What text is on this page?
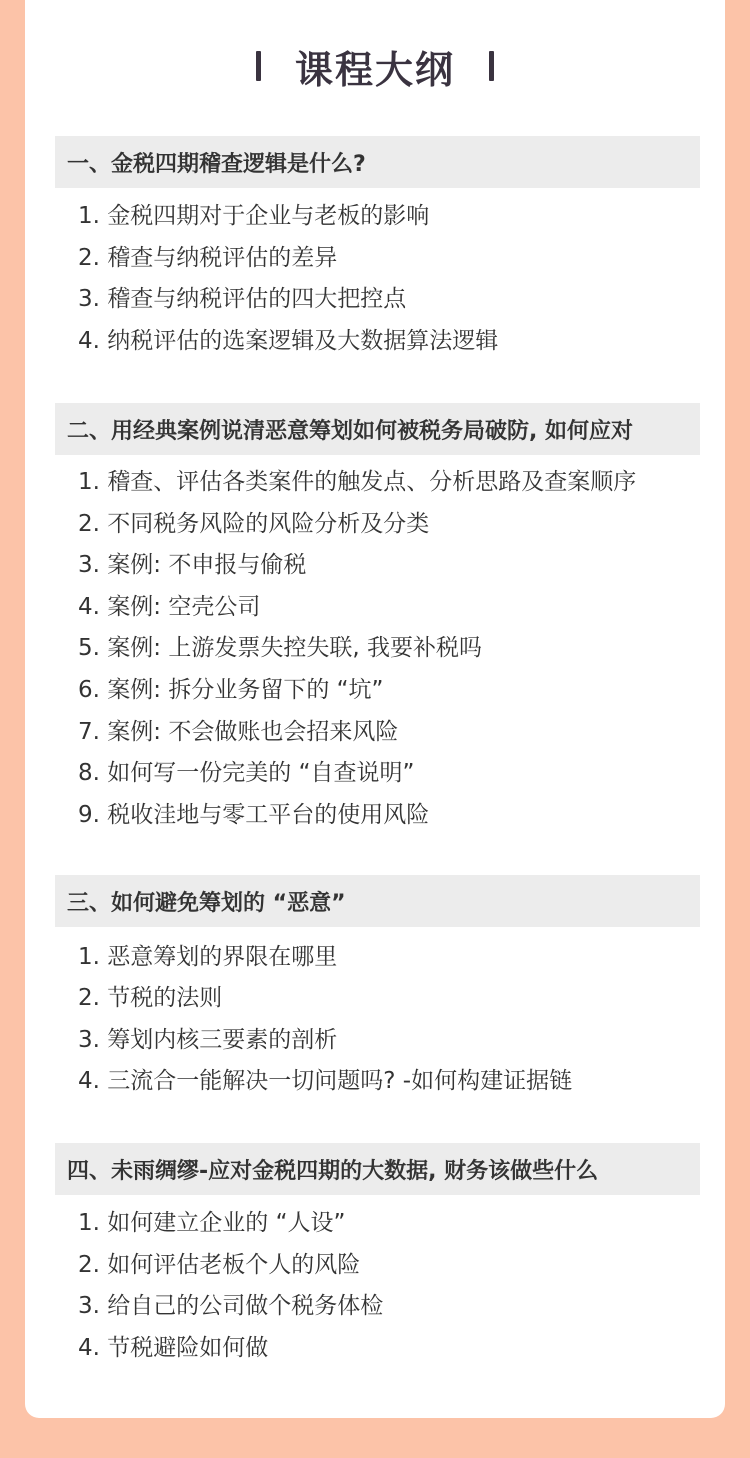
课程大纲
一、金税四期稽查逻辑是什么?
1. 金税四期对于企业与老板的影响
2. 稽查与纳税评估的差异
3. 稽查与纳税评估的四大把控点
4. 纳税评估的选案逻辑及大数据算法逻辑
二、用经典案例说清恶意筹划如何被税务局破防, 如何应对
1. 稽查、评估各类案件的触发点、分析思路及查案顺序
2. 不同税务风险的风险分析及分类
3. 案例: 不申报与偷税
4. 案例: 空壳公司
5. 案例: 上游发票失控失联, 我要补税吗
6. 案例: 拆分业务留下的 “坑”
7. 案例: 不会做账也会招来风险
8. 如何写一份完美的 “自查说明”
9. 税收洼地与零工平台的使用风险
三、如何避免筹划的 “恶意”
1. 恶意筹划的界限在哪里
2. 节税的法则
3. 筹划内核三要素的剖析
4. 三流合一能解决一切问题吗? -如何构建证据链
四、未雨绸缪-应对金税四期的大数据, 财务该做些什么
1. 如何建立企业的 “人设”
2. 如何评估老板个人的风险
3. 给自己的公司做个税务体检
4. 节税避险如何做
